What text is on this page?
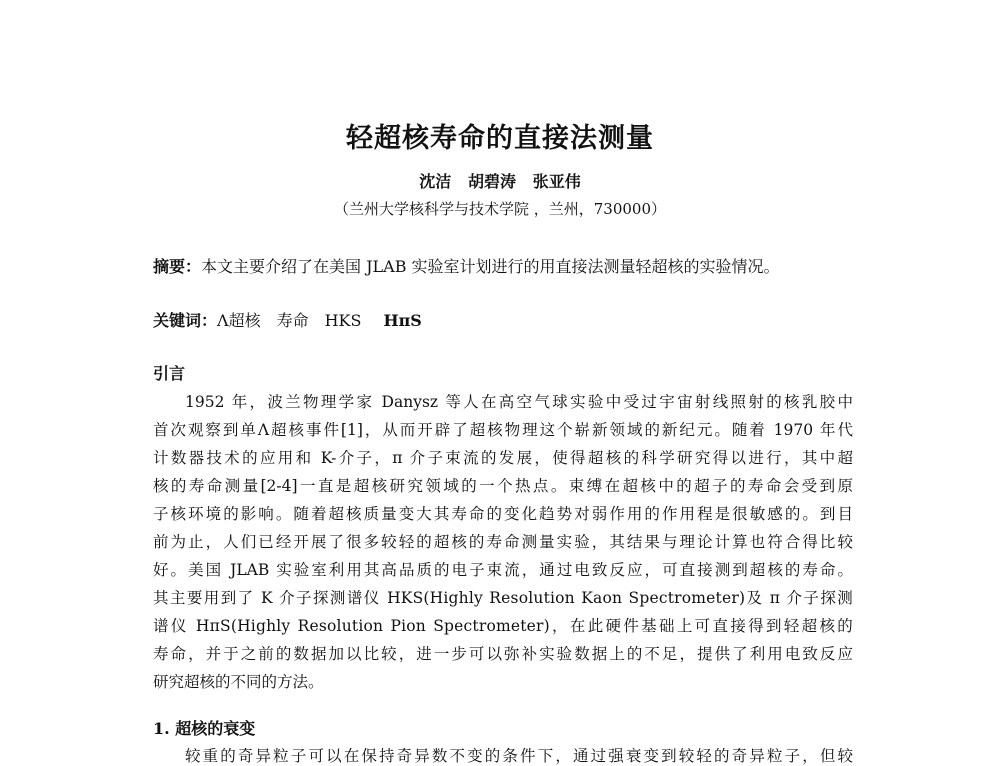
轻超核寿命的直接法测量
沈洁   胡碧涛   张亚伟
（兰州大学核科学与技术学院 ，兰州，730000）
摘要：本文主要介绍了在美国 JLAB 实验室计划进行的用直接法测量轻超核的实验情况。
关键词：Λ超核 寿命 HKS HπS
引言
1952 年，波兰物理学家 Danysz 等人在高空气球实验中受过宇宙射线照射的核乳胶中
首次观察到单Λ超核事件[1]，从而开辟了超核物理这个崭新领域的新纪元。随着 1970 年代
计数器技术的应用和 K-介子，π 介子束流的发展，使得超核的科学研究得以进行，其中超
核的寿命测量[2-4]一直是超核研究领域的一个热点。束缚在超核中的超子的寿命会受到原
子核环境的影响。随着超核质量变大其寿命的变化趋势对弱作用的作用程是很敏感的。到目
前为止，人们已经开展了很多较轻的超核的寿命测量实验，其结果与理论计算也符合得比较
好。美国 JLAB 实验室利用其高品质的电子束流，通过电致反应，可直接测到超核的寿命。
其主要用到了 K 介子探测谱仪 HKS(Highly Resolution Kaon Spectrometer)及 π 介子探测
谱仪 HπS(Highly Resolution Pion Spectrometer)，在此硬件基础上可直接得到轻超核的
寿命，并于之前的数据加以比较，进一步可以弥补实验数据上的不足，提供了利用电致反应
研究超核的不同的方法。
1. 超核的衰变
较重的奇异粒子可以在保持奇异数不变的条件下，通过强衰变到较轻的奇异粒子，但较
